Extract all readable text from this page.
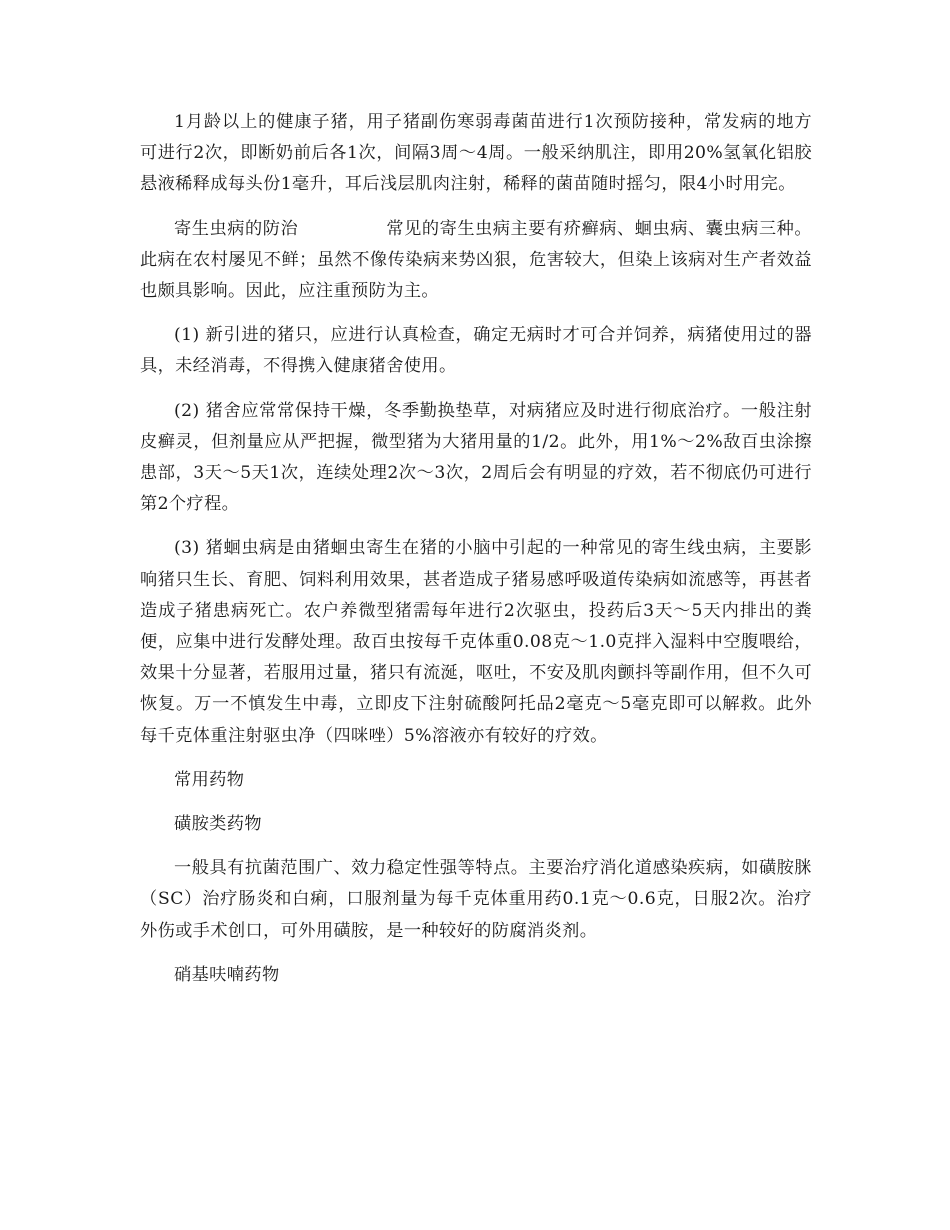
1月龄以上的健康子猪，用子猪副伤寒弱毒菌苗进行1次预防接种，常发病的地方可进行2次，即断奶前后各1次，间隔3周～4周。一般采纳肌注，即用20%氢氧化铝胶悬液稀释成每头份1毫升，耳后浅层肌肉注射，稀释的菌苗随时摇匀，限4小时用完。

寄生虫病的防治	常见的寄生虫病主要有疥癣病、蛔虫病、囊虫病三种。此病在农村屡见不鲜；虽然不像传染病来势凶狠，危害较大，但染上该病对生产者效益也颇具影响。因此，应注重预防为主。

(1) 新引进的猪只，应进行认真检查，确定无病时才可合并饲养，病猪使用过的器具，未经消毒，不得携入健康猪舍使用。

(2) 猪舍应常常保持干燥，冬季勤换垫草，对病猪应及时进行彻底治疗。一般注射皮癣灵，但剂量应从严把握，微型猪为大猪用量的1/2。此外，用1%～2%敌百虫涂擦患部，3天～5天1次，连续处理2次～3次，2周后会有明显的疗效，若不彻底仍可进行第2个疗程。

(3) 猪蛔虫病是由猪蛔虫寄生在猪的小脑中引起的一种常见的寄生线虫病，主要影响猪只生长、育肥、饲料利用效果，甚者造成子猪易感呼吸道传染病如流感等，再甚者造成子猪患病死亡。农户养微型猪需每年进行2次驱虫，投药后3天～5天内排出的粪便，应集中进行发酵处理。敌百虫按每千克体重0.08克～1.0克拌入湿料中空腹喂给，效果十分显著，若服用过量，猪只有流涎，呕吐，不安及肌肉颤抖等副作用，但不久可恢复。万一不慎发生中毒，立即皮下注射硫酸阿托品2毫克～5毫克即可以解救。此外每千克体重注射驱虫净（四咪唑）5%溶液亦有较好的疗效。

常用药物

磺胺类药物

一般具有抗菌范围广、效力稳定性强等特点。主要治疗消化道感染疾病，如磺胺脒（SC）治疗肠炎和白痢，口服剂量为每千克体重用药0.1克～0.6克，日服2次。治疗外伤或手术创口，可外用磺胺，是一种较好的防腐消炎剂。

硝基呋喃药物
